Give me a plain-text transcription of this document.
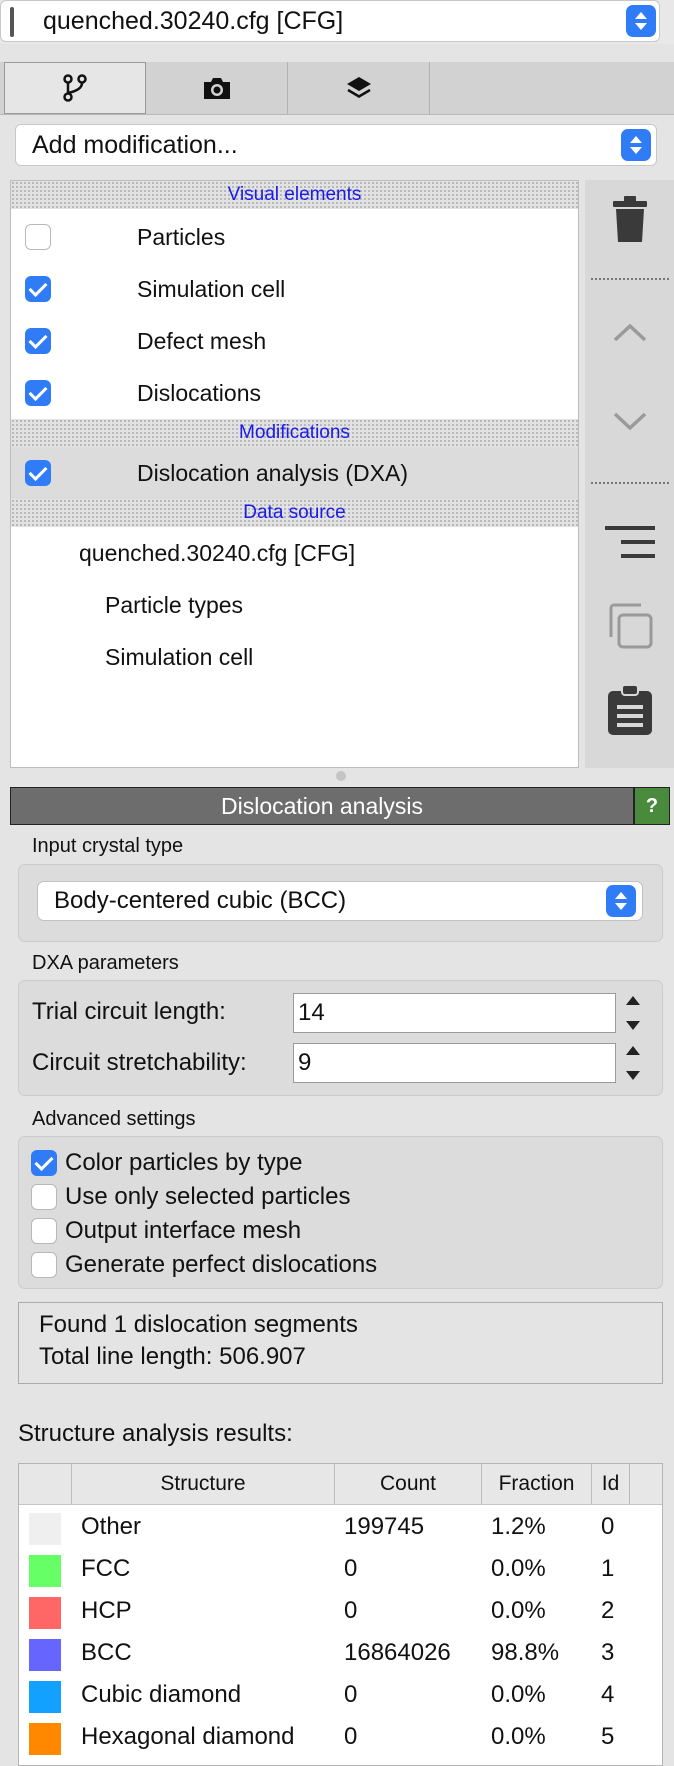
quenched.30240.cfg [CFG]
Add modification...
Visual elements
Particles
Simulation cell
Defect mesh
Dislocations
Modifications
Dislocation analysis (DXA)
Data source
quenched.30240.cfg [CFG]
Particle types
Simulation cell
Dislocation analysis	?
Input crystal type
Body-centered cubic (BCC)
DXA parameters
Trial circuit length:	14
Circuit stretchability: 9
Advanced settings
Color particles by type
Use only selected particles
Output interface mesh
Generate perfect dislocations
Found 1 dislocation segments
Total line length: 506.907
Structure analysis results:
Structure	Count	Fraction	Id
Other	199745	1.2% 0
FCC	0	0.0% 1
HCP	0	0.0% 2
BCC	16864026 98.8% 3
Cubic diamond	0	0.0% 4
Hexagonal diamond 0	0.0% 5
